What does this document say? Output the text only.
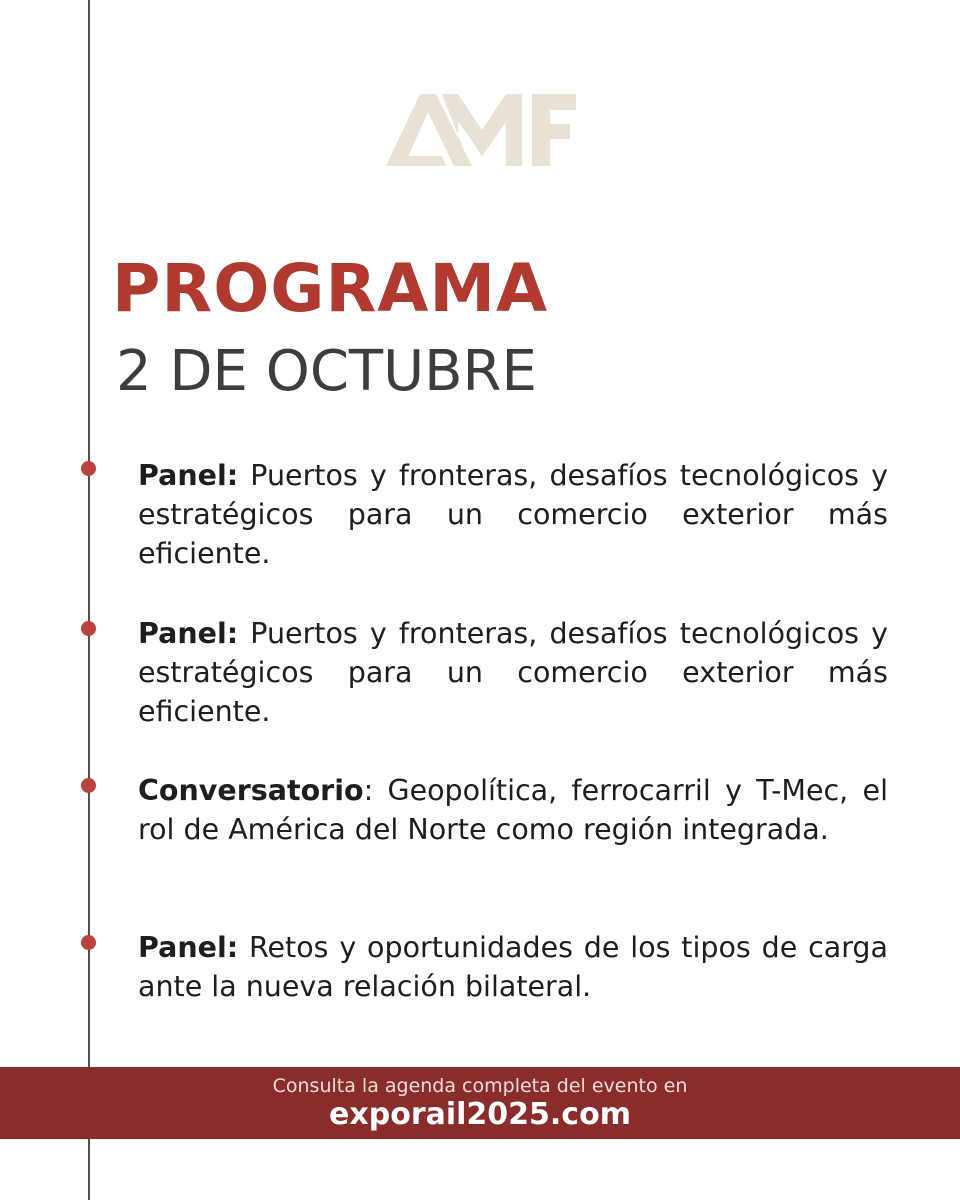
PROGRAMA
2 DE OCTUBRE
Panel: Puertos y fronteras, desafíos tecnológicos y estratégicos para un comercio exterior más eficiente.
Panel: Puertos y fronteras, desafíos tecnológicos y estratégicos para un comercio exterior más eficiente.
Conversatorio: Geopolítica, ferrocarril y T-Mec, el rol de América del Norte como región integrada.
Panel: Retos y oportunidades de los tipos de carga ante la nueva relación bilateral.
Consulta la agenda completa del evento en
exporail2025.com
